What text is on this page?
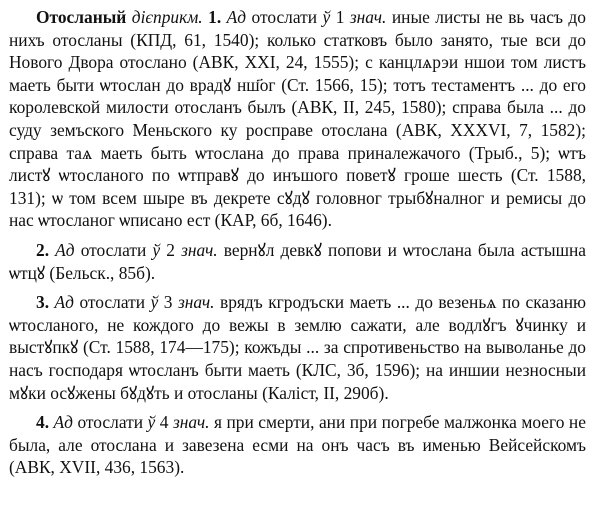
Отосланый дієприкм. 1. Ад отослати ў 1 знач. иные листы не вь часъ до нихъ отосланы (КПД, 61, 1540); колько статковъ было занято, тые вси до Нового Двора отослано (АВК, XXI, 24, 1555); с канцлѧрэи ншои том листъ маеть быти ѡтослан до врадꙋ нш҃ог (Ст. 1566, 15); тотъ тестаментъ ... до его королевской милости отосланъ былъ (АВК, II, 245, 1580); справа была ... до суду земъского Меньского ку росправе отослана (АВК, XXXVI, 7, 1582); справа таѧ маеть быть ѡтослана до права приналежачого (Трыб., 5); ѡтъ листꙋ ѡтосланого по ѡтправꙋ до инъшого поветꙋ гроше шесть (Ст. 1588, 131); ѡ том всем шыре въ декрете сꙋдꙋ головног трыбꙋналног и ремисы до нас ѡтосланог ѡписано ест (КАР, 6б, 1646).

2. Ад отослати ў 2 знач. вернꙋл девкꙋ попови и ѡтослана была астышна ѡтцꙋ (Бельск., 85б).

3. Ад отослати ў 3 знач. врядъ кгродъски маеть ... до везеньѧ по сказаню ѡтосланого, не кождого до вежы в землю сажати, але водлꙋгъ ꙋчинку и выстꙋпкꙋ (Ст. 1588, 174—175); кожъды ... за спротивеньство на выволанье до насъ господаря ѡтосланъ быти маеть (КЛС, 3б, 1596); на иншии незносныи мꙋки осꙋжены бꙋдꙋть и отосланы (Каліст, II, 290б).

4. Ад отослати ў 4 знач. я при смерти, ани при погребе малжонка моего не была, але отослана и завезена есми на онъ часъ въ именью Вейсейскомъ (АВК, XVII, 436, 1563).
